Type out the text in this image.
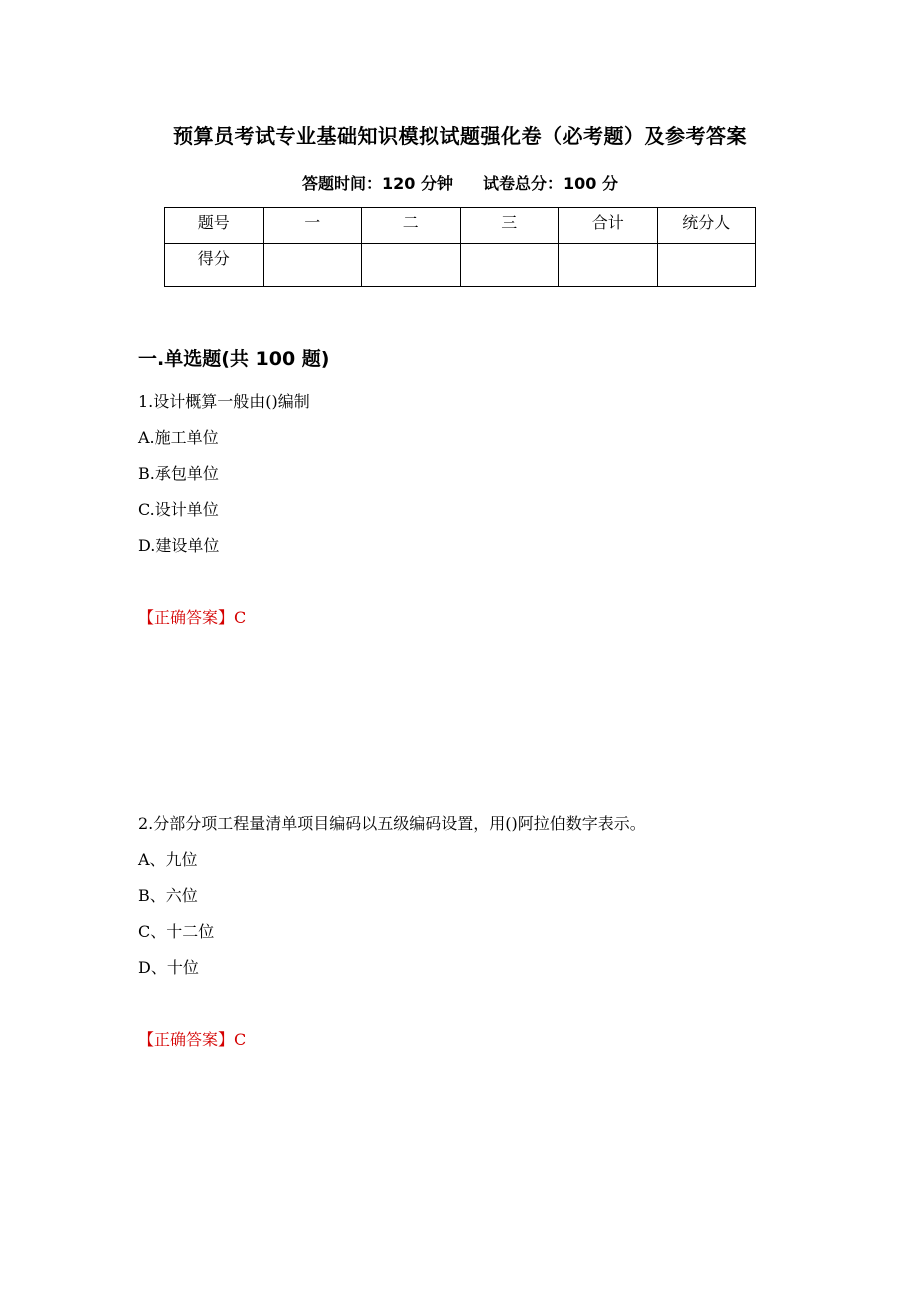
预算员考试专业基础知识模拟试题强化卷（必考题）及参考答案
答题时间：120 分钟 试卷总分：100 分
题号	一	二	三	合计	统分人
得分					
一.单选题(共 100 题)
1.设计概算一般由()编制
A.施工单位
B.承包单位
C.设计单位
D.建设单位
【正确答案】C
2.分部分项工程量清单项目编码以五级编码设置，用()阿拉伯数字表示。
A、九位
B、六位
C、十二位
D、十位
【正确答案】C
